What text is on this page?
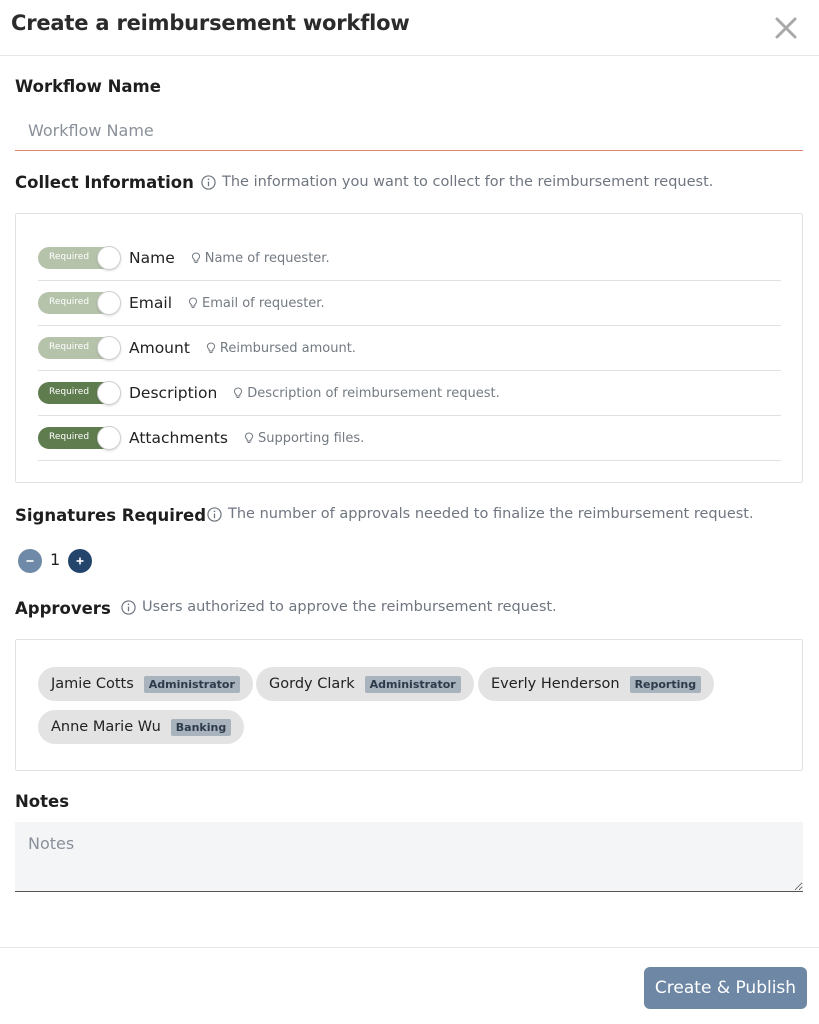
Create a reimbursement workflow
Workflow Name
Workflow Name
Collect Information The information you want to collect for the reimbursement request.
Required	Name Name of requester.
Required	Email Email of requester.
Required	Amount Reimbursed amount.
Required	Description Description of reimbursement request.
Required	Attachments Supporting files.
Signatures Required The number of approvals needed to finalize the reimbursement request.
1
Approvers Users authorized to approve the reimbursement request.
Jamie Cotts	Administrator	Gordy Clark	Administrator	Everly Henderson	Reporting
Anne Marie Wu	Banking
Notes
Notes
Create & Publish
